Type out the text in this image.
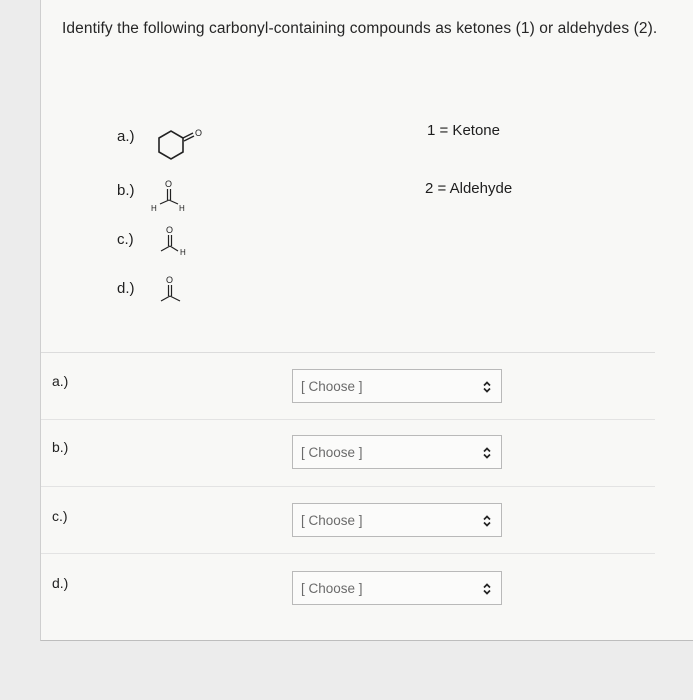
Identify the following carbonyl-containing compounds as ketones (1) or aldehydes (2).
a.)	O
b.)	O
H	H
c.)
O
H
d.)	O
1 = Ketone
2 = Aldehyde
a.)	[ Choose ]
b.)	[ Choose ]
c.)	[ Choose ]
d.)	[ Choose ]
